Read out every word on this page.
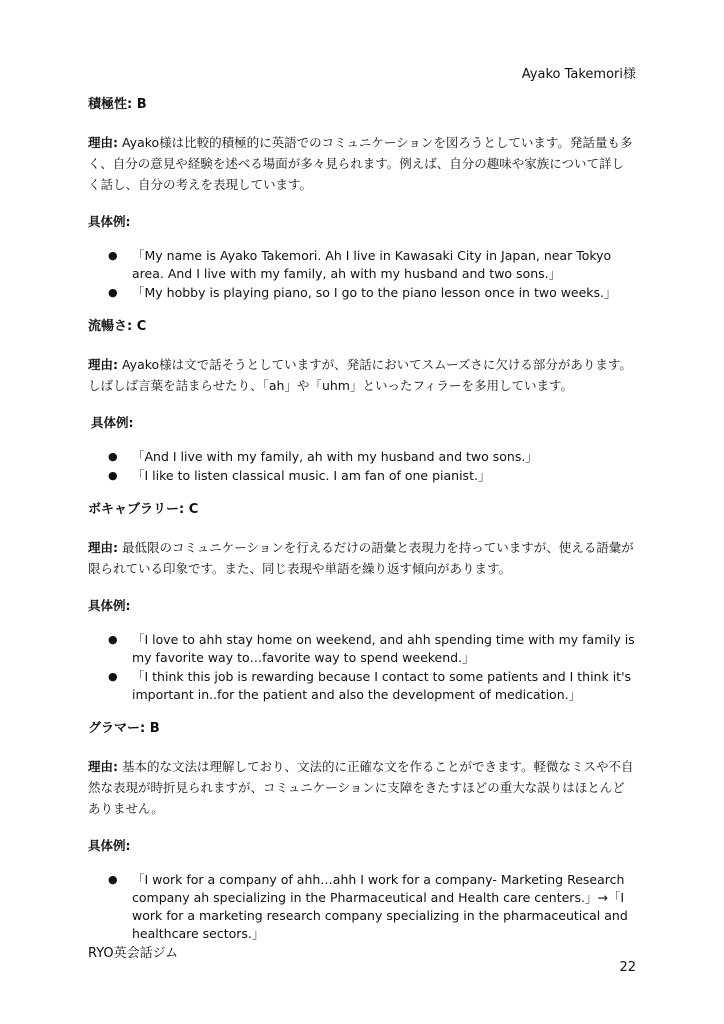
Ayako Takemori様

積極性: B

理由: Ayako様は比較的積極的に英語でのコミュニケーションを図ろうとしています。発話量も多く、自分の意見や経験を述べる場面が多々見られます。例えば、自分の趣味や家族について詳しく話し、自分の考えを表現しています。

具体例:

● 「My name is Ayako Takemori. Ah I live in Kawasaki City in Japan, near Tokyo area. And I live with my family, ah with my husband and two sons.」
● 「My hobby is playing piano, so I go to the piano lesson once in two weeks.」

流暢さ: C

理由: Ayako様は文で話そうとしていますが、発話においてスムーズさに欠ける部分があります。しばしば言葉を詰まらせたり、「ah」や「uhm」といったフィラーを多用しています。

具体例:

● 「And I live with my family, ah with my husband and two sons.」
● 「I like to listen classical music. I am fan of one pianist.」

ボキャブラリー: C

理由: 最低限のコミュニケーションを行えるだけの語彙と表現力を持っていますが、使える語彙が限られている印象です。また、同じ表現や単語を繰り返す傾向があります。

具体例:

● 「I love to ahh stay home on weekend, and ahh spending time with my family is my favorite way to…favorite way to spend weekend.」
● 「I think this job is rewarding because I contact to some patients and I think it's important in..for the patient and also the development of medication.」

グラマー: B

理由: 基本的な文法は理解しており、文法的に正確な文を作ることができます。軽微なミスや不自然な表現が時折見られますが、コミュニケーションに支障をきたすほどの重大な誤りはほとんどありません。

具体例:

● 「I work for a company of ahh…ahh I work for a company- Marketing Research company ah specializing in the Pharmaceutical and Health care centers.」→「I work for a marketing research company specializing in the pharmaceutical and healthcare sectors.」
RYO英会話ジム
22
